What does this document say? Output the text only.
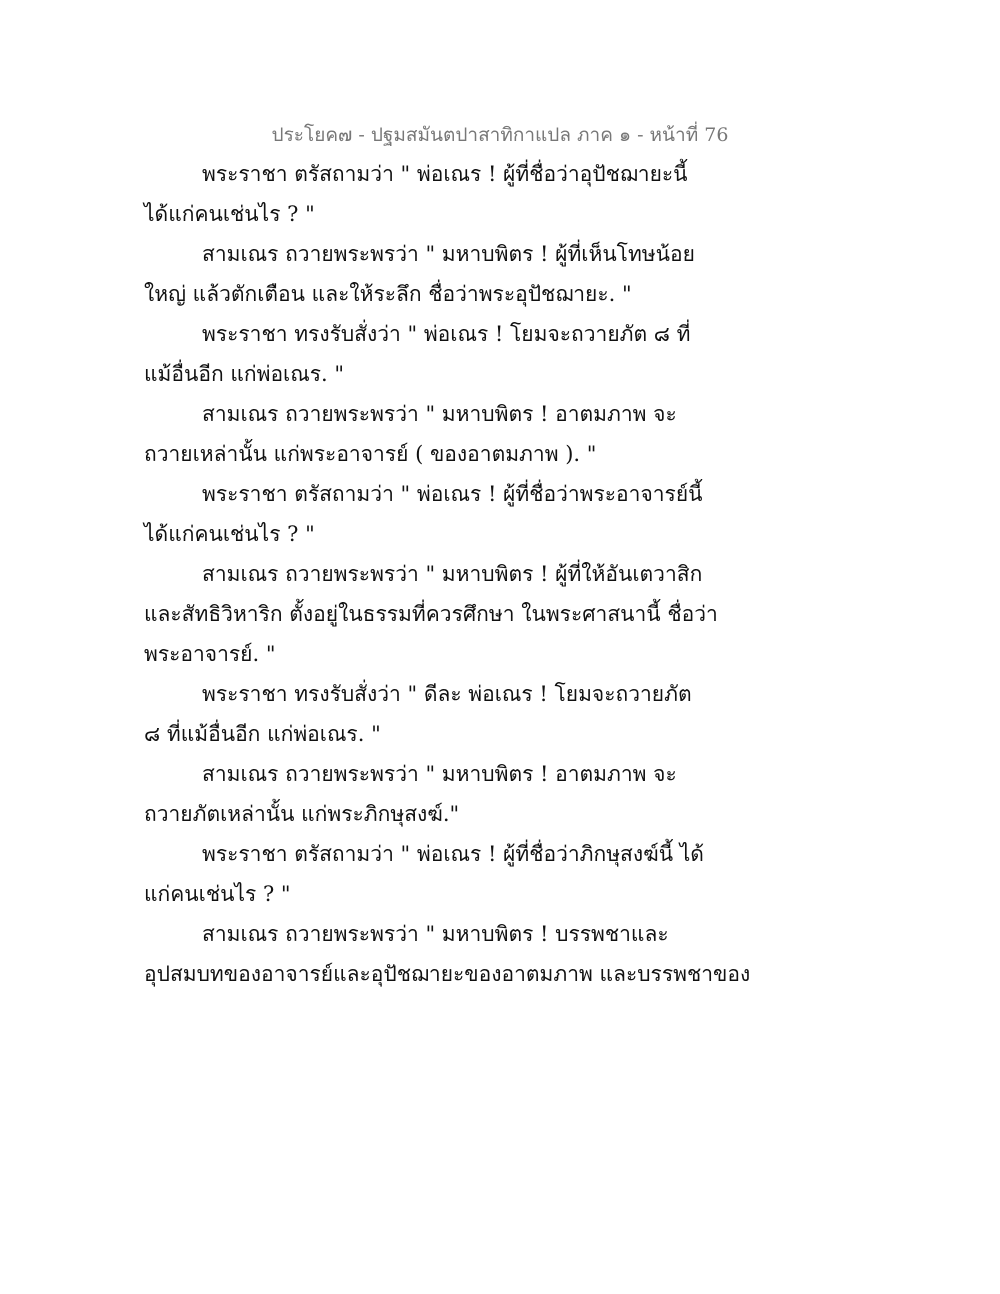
ประโยค๗ - ปฐมสมันตปาสาทิกาแปล ภาค ๑ - หน้าที่ 76
พระราชา ตรัสถามว่า " พ่อเณร ! ผู้ที่ชื่อว่าอุปัชฌายะนี้
ได้แก่คนเช่นไร ? "
สามเณร ถวายพระพรว่า " มหาบพิตร ! ผู้ที่เห็นโทษน้อย
ใหญ่ แล้วตักเตือน และให้ระลึก ชื่อว่าพระอุปัชฌายะ. "
พระราชา ทรงรับสั่งว่า " พ่อเณร ! โยมจะถวายภัต ๘ ที่
แม้อื่นอีก แก่พ่อเณร. "
สามเณร ถวายพระพรว่า " มหาบพิตร ! อาตมภาพ จะ
ถวายเหล่านั้น แก่พระอาจารย์ ( ของอาตมภาพ ). "
พระราชา ตรัสถามว่า " พ่อเณร ! ผู้ที่ชื่อว่าพระอาจารย์นี้
ได้แก่คนเช่นไร ? "
สามเณร ถวายพระพรว่า " มหาบพิตร ! ผู้ที่ให้อันเตวาสิก
และสัทธิวิหาริก ตั้งอยู่ในธรรมที่ควรศึกษา ในพระศาสนานี้ ชื่อว่า
พระอาจารย์. "
พระราชา ทรงรับสั่งว่า " ดีละ พ่อเณร ! โยมจะถวายภัต
๘ ที่แม้อื่นอีก แก่พ่อเณร. "
สามเณร ถวายพระพรว่า " มหาบพิตร ! อาตมภาพ จะ
ถวายภัตเหล่านั้น แก่พระภิกษุสงฆ์."
พระราชา ตรัสถามว่า " พ่อเณร ! ผู้ที่ชื่อว่าภิกษุสงฆ์นี้ ได้
แก่คนเช่นไร ? "
สามเณร ถวายพระพรว่า " มหาบพิตร ! บรรพชาและ
อุปสมบทของอาจารย์และอุปัชฌายะของอาตมภาพ และบรรพชาของ
